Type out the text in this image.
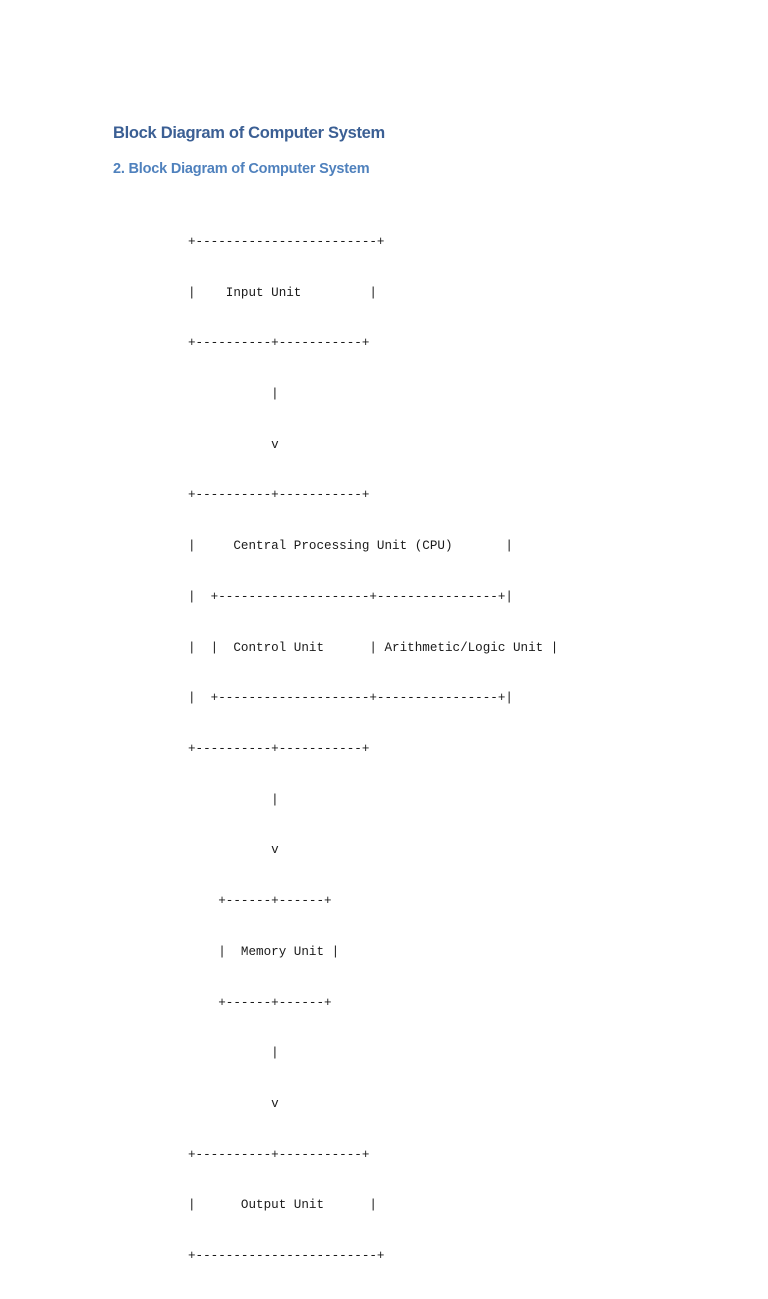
Block Diagram of Computer System
2. Block Diagram of Computer System

+------------------------+

|    Input Unit         |

+----------+-----------+

|

v

+----------+-----------+

|     Central Processing Unit (CPU)       |

|  +--------------------+----------------+|

|  |  Control Unit      | Arithmetic/Logic Unit |

|  +--------------------+----------------+|

+----------+-----------+

|

v

+------+------+

|  Memory Unit |

+------+------+

|

v

+----------+-----------+

|      Output Unit      |

+------------------------+
